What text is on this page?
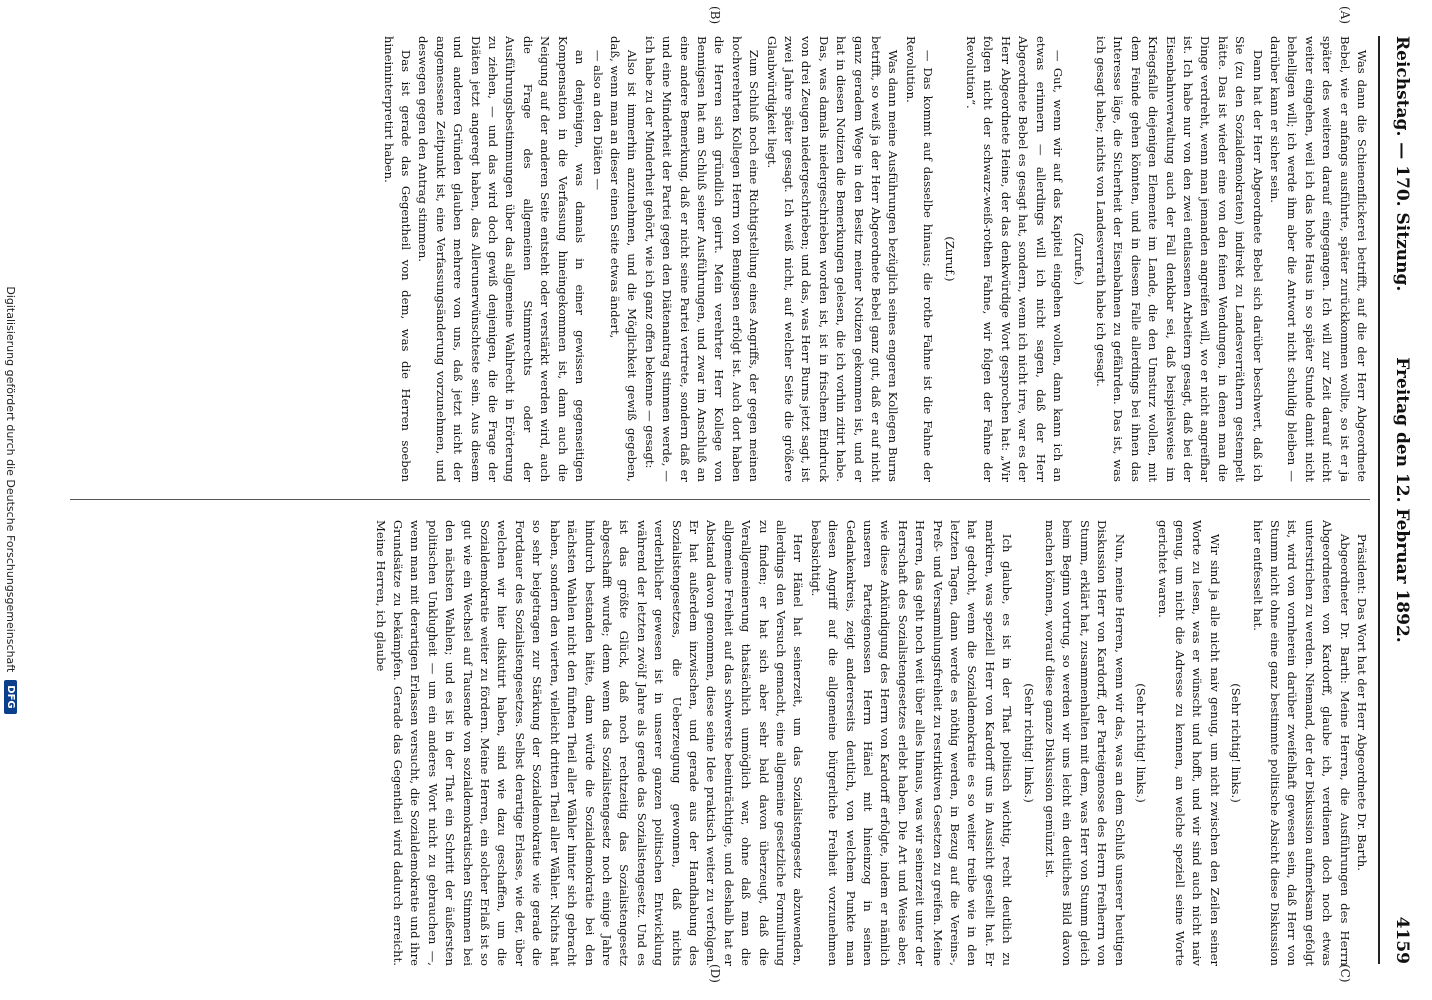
Reichstag. — 170. Sitzung.
Freitag den 12. Februar 1892.
4159
(A)
(B)
(C)
(D)

Was dann die Schienenflickerei betrifft, auf die der Herr Abgeordnete Bebel, wie er anfangs ausführte, später zurückkommen wollte, so ist er ja später des weiteren darauf eingegangen. Ich will zur Zeit darauf nicht weiter eingehen, weil ich das hohe Haus in so später Stunde damit nicht behelligen will; ich werde ihm aber die Antwort nicht schuldig bleiben — darüber kann er sicher sein.

Dann hat der Herr Abgeordnete Bebel sich darüber beschwert, daß ich Sie (zu den Sozialdemokraten) indirekt zu Landesverräthern gestempelt hätte. Das ist wieder eine von den feinen Wendungen, in denen man die Dinge verdreht, wenn man jemanden angreifen will, wo er nicht angreifbar ist. Ich habe nur von den zwei entlassenen Arbeitern gesagt, daß bei der Eisenbahnverwaltung auch der Fall denkbar sei, daß beispielsweise im Kriegsfalle diejenigen Elemente im Lande, die den Umsturz wollen, mit dem Feinde gehen könnten, und in diesem Falle allerdings bei ihnen das Interesse läge, die Sicherheit der Eisenbahnen zu gefährden. Das ist, was ich gesagt habe; nichts von Landesverrath habe ich gesagt.

(Zurufe.)

— Gut, wenn wir auf das Kapitel eingehen wollen, dann kann ich an etwas erinnern — allerdings will ich nicht sagen, daß der Herr Abgeordnete Bebel es gesagt hat, sondern, wenn ich nicht irre, war es der Herr Abgeordnete Heine, der das denkwürdige Wort gesprochen hat: „Wir folgen nicht der schwarz-weiß-rothen Fahne, wir folgen der Fahne der Revolution“.

(Zuruf.)

— Das kommt auf dasselbe hinaus; die rothe Fahne ist die Fahne der Revolution.

Was dann meine Ausführungen bezüglich seines engeren Kollegen Burns betrifft, so weiß ja der Herr Abgeordnete Bebel ganz gut, daß er auf nicht ganz geradem Wege in den Besitz meiner Notizen gekommen ist, und er hat in diesen Notizen die Bemerkungen gelesen, die ich vorhin zitirt habe. Das, was damals niedergeschrieben worden ist, ist in frischem Eindruck von drei Zeugen niedergeschrieben; und das, was Herr Burns jetzt sagt, ist zwei Jahre später gesagt. Ich weiß nicht, auf welcher Seite die größere Glaubwürdigkeit liegt.

Zum Schluß noch eine Richtigstellung eines Angriffs, der gegen meinen hochverehrten Kollegen Herrn von Bennigsen erfolgt ist. Auch dort haben die Herren sich gründlich geirrt. Mein verehrter Herr Kollege von Bennigsen hat am Schluß seiner Ausführungen, und zwar im Anschluß an eine andere Bemerkung, daß er nicht seine Partei vertrete, sondern daß er und eine Minderheit der Partei gegen den Diätenantrag stimmen werde, — ich habe zu der Minderheit gehört, wie ich ganz offen bekenne — gesagt:

Also ist immerhin anzunehmen, und die Möglichkeit gewiß gegeben, daß, wenn man an dieser einen Seite etwas ändert,

— also an den Diäten —

an denjenigen, was damals in einer gewissen gegenseitigen Kompensation in die Verfassung hineingekommen ist, dann auch die Neigung auf der anderen Seite entsteht oder verstärkt werden wird, auch die Frage des allgemeinen Stimmrechts oder der Ausführungsbestimmungen über das allgemeine Wahlrecht in Erörterung zu ziehen, — und das wird doch gewiß denjenigen, die die Frage der Diäten jetzt angeregt haben, das Allerunerwünschteste sein. Aus diesem und anderen Gründen glauben mehrere von uns, daß jetzt nicht der angemessene Zeitpunkt ist, eine Verfassungsänderung vorzunehmen, und deswegen gegen den Antrag stimmen.

Das ist gerade das Gegentheil von dem, was die Herren soeben hineininterpretirt haben.

Präsident: Das Wort hat der Herr Abgeordnete Dr. Barth.

Abgeordneter Dr. Barth: Meine Herren, die Ausführungen des Herrn Abgeordneten von Kardorff, glaube ich, verdienen doch noch etwas unterstrichen zu werden. Niemand, der der Diskussion aufmerksam gefolgt ist, wird von vornherein darüber zweifelhaft gewesen sein, daß Herr von Stumm nicht ohne eine ganz bestimmte politische Absicht diese Diskussion hier entfesselt hat.

(Sehr richtig! links.)

Wir sind ja alle nicht naiv genug, um nicht zwischen den Zeilen seiner Worte zu lesen, was er wünscht und hofft, und wir sind auch nicht naiv genug, um nicht die Adresse zu kennen, an welche speziell seine Worte gerichtet waren.

(Sehr richtig! links.)

Nun, meine Herren, wenn wir das, was an dem Schluß unserer heutigen Diskussion Herr von Kardorff, der Parteigenosse des Herrn Freiherrn von Stumm, erklärt hat, zusammenhalten mit dem, was Herr von Stumm gleich beim Beginn vortrug, so werden wir uns leicht ein deutliches Bild davon machen können, worauf diese ganze Diskussion gemünzt ist.

(Sehr richtig! links.)

Ich glaube, es ist in der That politisch wichtig, recht deutlich zu markiren, was speziell Herr von Kardorff uns in Aussicht gestellt hat. Er hat gedroht, wenn die Sozialdemokratie es so weiter treibe wie in den letzten Tagen, dann werde es nöthig werden, in Bezug auf die Vereins-, Preß- und Versammlungsfreiheit zu restriktiven Gesetzen zu greifen. Meine Herren, das geht noch weit über alles hinaus, was wir seinerzeit unter der Herrschaft des Sozialistengesetzes erlebt haben. Die Art und Weise aber, wie diese Ankündigung des Herrn von Kardorff erfolgte, indem er nämlich unseren Parteigenossen Herrn Hänel mit hineinzog in seinen Gedankenkreis, zeigt andererseits deutlich, von welchem Punkte man diesen Angriff auf die allgemeine bürgerliche Freiheit vorzunehmen beabsichtigt.

Herr Hänel hat seinerzeit, um das Sozialistengesetz abzuwenden, allerdings den Versuch gemacht, eine allgemeine gesetzliche Formulirung zu finden; er hat sich aber sehr bald davon überzeugt, daß die Verallgemeinerung thatsächlich unmöglich war, ohne daß man die allgemeine Freiheit auf das schwerste beeinträchtigte, und deshalb hat er Abstand davon genommen, diese seine Idee praktisch weiter zu verfolgen. Er hat außerdem inzwischen, und gerade aus der Handhabung des Sozialistengesetzes, die Ueberzeugung gewonnen, daß nichts verderblicher gewesen ist in unserer ganzen politischen Entwicklung während der letzten zwölf Jahre als gerade das Sozialistengesetz. Und es ist das größte Glück, daß noch rechtzeitig das Sozialistengesetz abgeschafft wurde; denn wenn das Sozialistengesetz noch einige Jahre hindurch bestanden hätte, dann würde die Sozialdemokratie bei den nächsten Wahlen nicht den fünften Theil aller Wähler hinter sich gebracht haben, sondern den vierten, vielleicht dritten Theil aller Wähler. Nichts hat so sehr beigetragen zur Stärkung der Sozialdemokratie wie gerade die Fortdauer des Sozialistengesetzes. Selbst derartige Erlasse, wie der, über welchen wir hier diskutirt haben, sind wie dazu geschaffen, um die Sozialdemokratie weiter zu fördern. Meine Herren, ein solcher Erlaß ist so gut wie ein Wechsel auf Tausende von sozialdemokratischen Stimmen bei den nächsten Wahlen; und es ist in der That ein Schritt der äußersten politischen Unklugheit — um ein anderes Wort nicht zu gebrauchen —, wenn man mit derartigen Erlassen versucht, die Sozialdemokratie und ihre Grundsätze zu bekämpfen. Gerade das Gegentheil wird dadurch erreicht. Meine Herren, ich glaube

Digitalisierung gefördert durch die Deutsche Forschungsgemeinschaft
DFG
